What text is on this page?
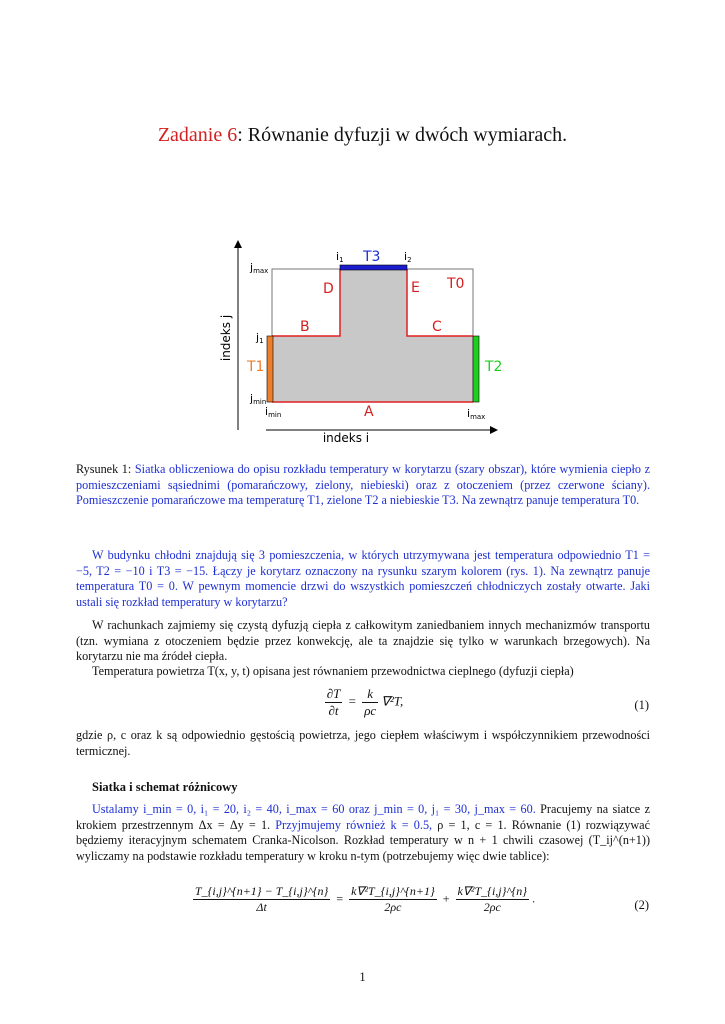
Zadanie 6: Równanie dyfuzji w dwóch wymiarach.
indeks j
indeks i
jmax
j1
jmin
i1	i2
imin	imax
T3
T0
T1	T2
D	E
B	C
A
Rysunek 1: Siatka obliczeniowa do opisu rozkładu temperatury w korytarzu (szary obszar), które wymienia ciepło z pomieszczeniami sąsiednimi (pomarańczowy, zielony, niebieski) oraz z otoczeniem (przez czerwone ściany). Pomieszczenie pomarańczowe ma temperaturę T1, zielone T2 a niebieskie T3. Na zewnątrz panuje temperatura T0.
W budynku chłodni znajdują się 3 pomieszczenia, w których utrzymywana jest temperatura odpowiednio T1 = −5, T2 = −10 i T3 = −15. Łączy je korytarz oznaczony na rysunku szarym kolorem (rys. 1). Na zewnątrz panuje temperatura T0 = 0. W pewnym momencie drzwi do wszystkich pomieszczeń chłodniczych zostały otwarte. Jaki ustali się rozkład temperatury w korytarzu?
W rachunkach zajmiemy się czystą dyfuzją ciepła z całkowitym zaniedbaniem innych mechanizmów transportu (tzn. wymiana z otoczeniem będzie przez konwekcję, ale ta znajdzie się tylko w warunkach brzegowych). Na korytarzu nie ma źródeł ciepła.
Temperatura powietrza T(x, y, t) opisana jest równaniem przewodnictwa cieplnego (dyfuzji ciepła)
$\frac{\partial T}{\partial t} = \frac{k}{\rho c} \nabla^2T$,	(1)
gdzie ρ, c oraz k są odpowiednio gęstością powietrza, jego ciepłem właściwym i współczynnikiem przewodności termicznej.
Siatka i schemat różnicowy
Ustalamy i_min = 0, i₁ = 20, i₂ = 40, i_max = 60 oraz j_min = 0, j₁ = 30, j_max = 60. Pracujemy na siatce z krokiem przestrzennym Δx = Δy = 1. Przyjmujemy również k = 0.5, ρ = 1, c = 1. Równanie (1) rozwiązywać będziemy iteracyjnym schematem Cranka-Nicolson. Rozkład temperatury w n + 1 chwili czasowej (T_ij^(n+1)) wyliczamy na podstawie rozkładu temperatury w kroku n-tym (potrzebujemy więc dwie tablice):
$\frac{T\_\{i,j\}\^{}\{n+1\} - T\_\{i,j\}\^{}\{n\}}{\Delta t} = \frac{\text{k∇²T\_\{i,j\}\textasciicircum{}\{n+1\}}}{2\rho c} + \frac{\text{k∇²T\_\{i,j\}\textasciicircum{}\{n\}}}{2\rho c}$ .	(2)
1
